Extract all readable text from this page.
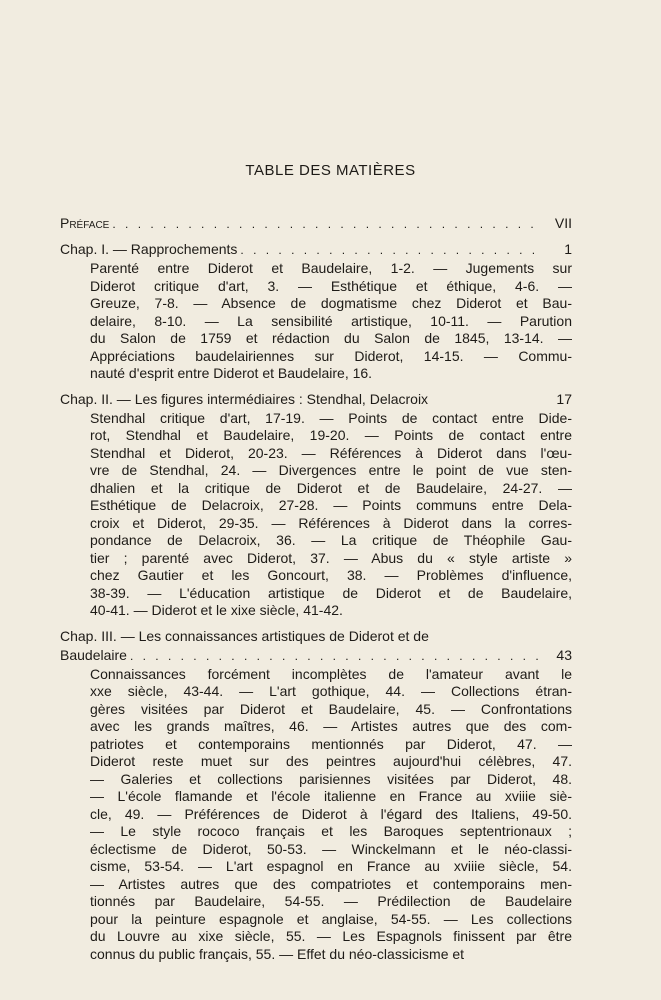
TABLE DES MATIÈRES
Préface . . .	VII
Chap. I. — Rapprochements . . .	1
Parenté entre Diderot et Baudelaire, 1-2. — Jugements sur
Diderot critique d'art, 3. — Esthétique et éthique, 4-6. —
Greuze, 7-8. — Absence de dogmatisme chez Diderot et Bau-
delaire, 8-10. — La sensibilité artistique, 10-11. — Parution
du Salon de 1759 et rédaction du Salon de 1845, 13-14. —
Appréciations baudelairiennes sur Diderot, 14-15. — Commu-
nauté d'esprit entre Diderot et Baudelaire, 16.
Chap. II. — Les figures intermédiaires : Stendhal, Delacroix	17
Stendhal critique d'art, 17-19. — Points de contact entre Dide-
rot, Stendhal et Baudelaire, 19-20. — Points de contact entre
Stendhal et Diderot, 20-23. — Références à Diderot dans l'œu-
vre de Stendhal, 24. — Divergences entre le point de vue sten-
dhalien et la critique de Diderot et de Baudelaire, 24-27. —
Esthétique de Delacroix, 27-28. — Points communs entre Dela-
croix et Diderot, 29-35. — Références à Diderot dans la corres-
pondance de Delacroix, 36. — La critique de Théophile Gau-
tier ; parenté avec Diderot, 37. — Abus du « style artiste »
chez Gautier et les Goncourt, 38. — Problèmes d'influence,
38-39. — L'éducation artistique de Diderot et de Baudelaire,
40-41. — Diderot et le xixe siècle, 41-42.
Chap. III. — Les connaissances artistiques de Diderot et de
Baudelaire . . .	43
Connaissances forcément incomplètes de l'amateur avant le
xxe siècle, 43-44. — L'art gothique, 44. — Collections étran-
gères visitées par Diderot et Baudelaire, 45. — Confrontations
avec les grands maîtres, 46. — Artistes autres que des com-
patriotes et contemporains mentionnés par Diderot, 47. —
Diderot reste muet sur des peintres aujourd'hui célèbres, 47.
— Galeries et collections parisiennes visitées par Diderot, 48.
— L'école flamande et l'école italienne en France au xviiie siè-
cle, 49. — Préférences de Diderot à l'égard des Italiens, 49-50.
— Le style rococo français et les Baroques septentrionaux ;
éclectisme de Diderot, 50-53. — Winckelmann et le néo-classi-
cisme, 53-54. — L'art espagnol en France au xviiie siècle, 54.
— Artistes autres que des compatriotes et contemporains men-
tionnés par Baudelaire, 54-55. — Prédilection de Baudelaire
pour la peinture espagnole et anglaise, 54-55. — Les collections
du Louvre au xixe siècle, 55. — Les Espagnols finissent par être
connus du public français, 55. — Effet du néo-classicisme et
